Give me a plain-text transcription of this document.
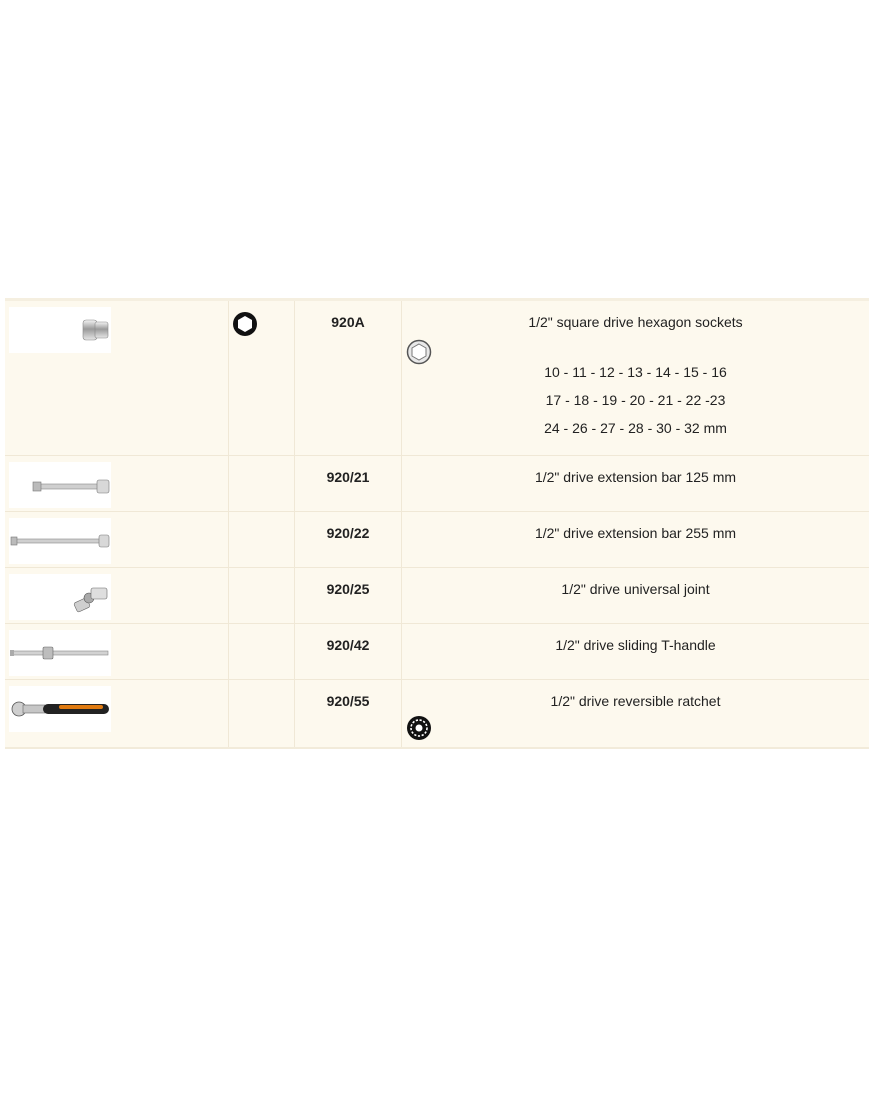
920A	1/2" square drive hexagon sockets
10 - 11 - 12 - 13 - 14 - 15 - 16
17 - 18 - 19 - 20 - 21 - 22 -23
24 - 26 - 27 - 28 - 30 - 32 mm
920/21	1/2" drive extension bar 125 mm
920/22	1/2" drive extension bar 255 mm
920/25	1/2" drive universal joint
920/42	1/2" drive sliding T-handle
920/55	1/2" drive reversible ratchet
